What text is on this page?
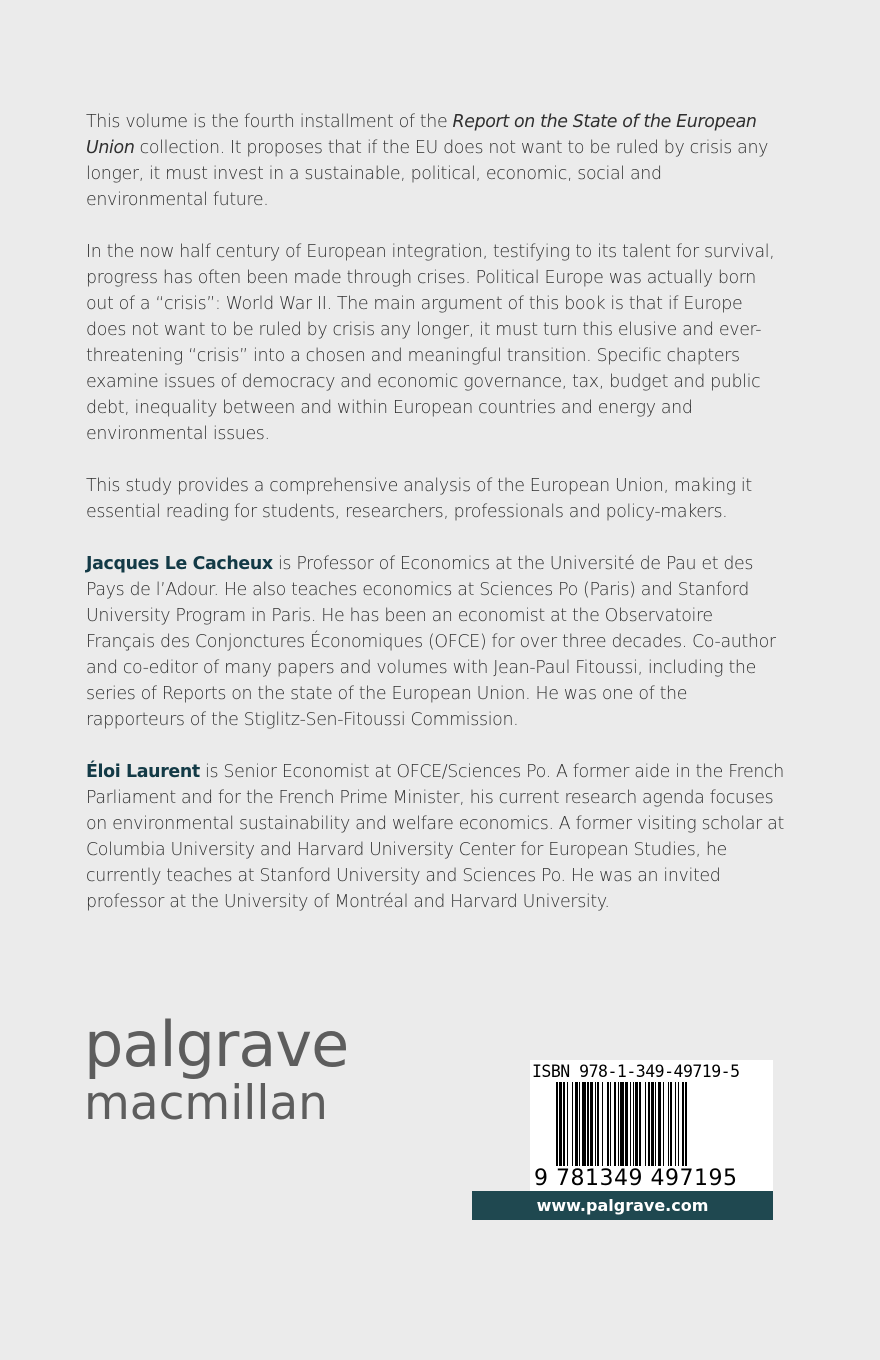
This volume is the fourth installment of the Report on the State of the European Union collection. It proposes that if the EU does not want to be ruled by crisis any longer, it must invest in a sustainable, political, economic, social and environmental future.

In the now half century of European integration, testifying to its talent for survival, progress has often been made through crises. Political Europe was actually born out of a “crisis”: World War II. The main argument of this book is that if Europe does not want to be ruled by crisis any longer, it must turn this elusive and ever-threatening “crisis” into a chosen and meaningful transition. Specific chapters examine issues of democracy and economic governance, tax, budget and public debt, inequality between and within European countries and energy and environmental issues.

This study provides a comprehensive analysis of the European Union, making it essential reading for students, researchers, professionals and policy-makers.

Jacques Le Cacheux is Professor of Economics at the Université de Pau et des Pays de l’Adour. He also teaches economics at Sciences Po (Paris) and Stanford University Program in Paris. He has been an economist at the Observatoire Français des Conjonctures Économiques (OFCE) for over three decades. Co-author and co-editor of many papers and volumes with Jean-Paul Fitoussi, including the series of Reports on the state of the European Union. He was one of the rapporteurs of the Stiglitz-Sen-Fitoussi Commission.

Éloi Laurent is Senior Economist at OFCE/Sciences Po. A former aide in the French Parliament and for the French Prime Minister, his current research agenda focuses on environmental sustainability and welfare economics. A former visiting scholar at Columbia University and Harvard University Center for European Studies, he currently teaches at Stanford University and Sciences Po. He was an invited professor at the University of Montréal and Harvard University.

palgrave
macmillan
ISBN 978-1-349-49719-5
9 781349 497195
www.palgrave.com
